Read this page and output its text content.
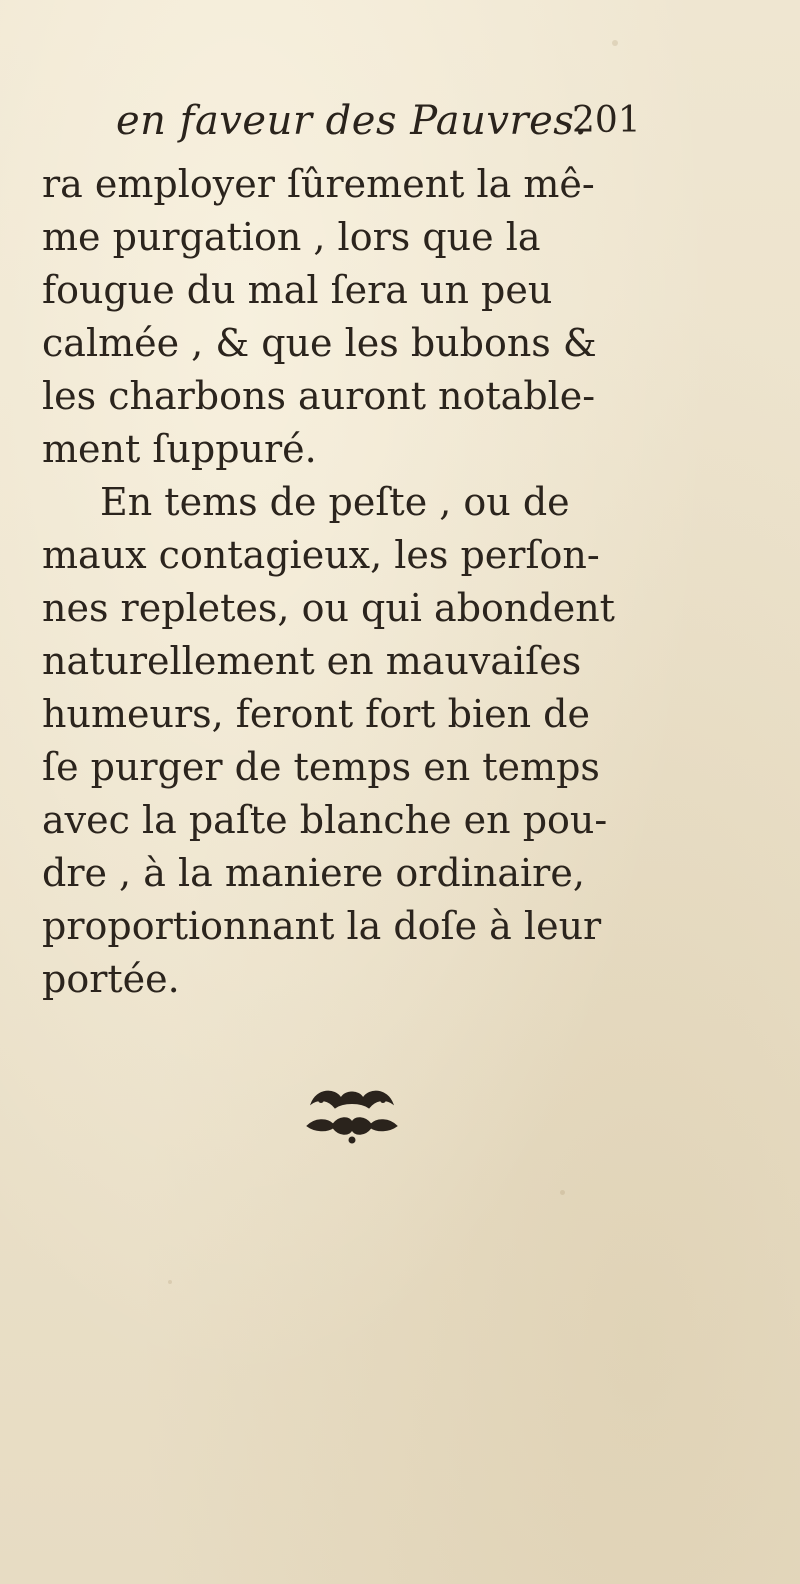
en faveur des Pauvres.
201
ra employer ſûrement la mê-
me purgation , lors que la
fougue du mal ſera un peu
calmée , & que les bubons &
les charbons auront notable-
ment ſuppuré.
En tems de peſte , ou de
maux contagieux, les perſon-
nes repletes, ou qui abondent
naturellement en mauvaiſes
humeurs, feront fort bien de
ſe purger de temps en temps
avec la paſte blanche en pou-
dre , à la maniere ordinaire,
proportionnant la doſe à leur
portée.
